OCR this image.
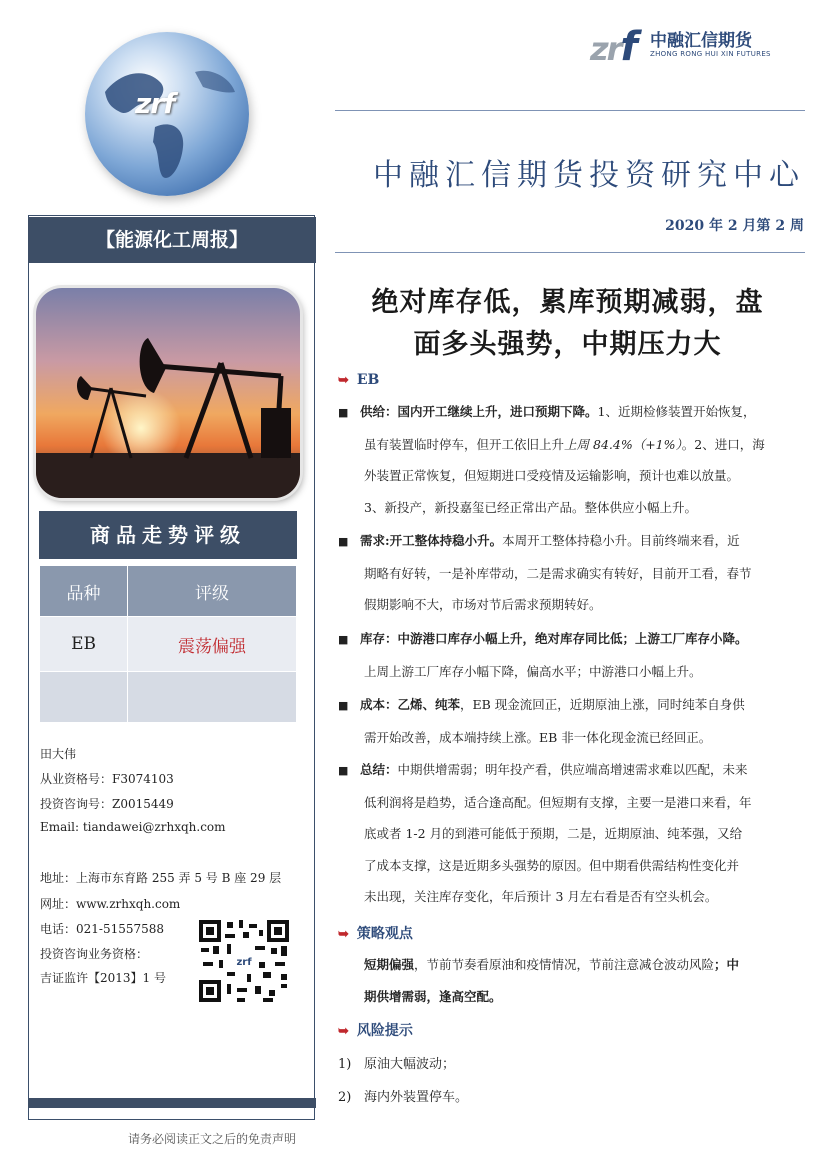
zrf
zrf 中融汇信期货
ZHONG RONG HUI XIN FUTURES
中融汇信期货投资研究中心
2020 年 2 月第 2 周
【能源化工周报】
商品走势评级
品种	评级
EB	震荡偏强

田大伟
从业资格号：F3074103
投资咨询号：Z0015449
Email: tiandawei@zrhxqh.com
地址：上海市东育路 255 弄 5 号 B 座 29 层
网址：www.zrhxqh.com
电话：021-51557588
投资咨询业务资格：
吉证监许【2013】1 号
zrf
请务必阅读正文之后的免责声明
绝对库存低，累库预期减弱，盘
面多头强势，中期压力大
➥ EB
■ 供给：国内开工继续上升，进口预期下降。1、近期检修装置开始恢复，
虽有装置临时停车，但开工依旧上升上周 84.4%（+1%）。2、进口，海
外装置正常恢复，但短期进口受疫情及运输影响，预计也难以放量。
3、新投产，新投嘉玺已经正常出产品。整体供应小幅上升。
■ 需求:开工整体持稳小升。本周开工整体持稳小升。目前终端来看，近
期略有好转，一是补库带动，二是需求确实有转好，目前开工看，春节
假期影响不大，市场对节后需求预期转好。
■ 库存：中游港口库存小幅上升，绝对库存同比低；上游工厂库存小降。
上周上游工厂库存小幅下降，偏高水平；中游港口小幅上升。
■ 成本：乙烯、纯苯，EB 现金流回正，近期原油上涨，同时纯苯自身供
需开始改善，成本端持续上涨。EB 非一体化现金流已经回正。
■ 总结：中期供增需弱；明年投产看，供应端高增速需求难以匹配，未来
低利润将是趋势，适合逢高配。但短期有支撑，主要一是港口来看，年
底或者 1-2 月的到港可能低于预期，二是，近期原油、纯苯强，又给
了成本支撑，这是近期多头强势的原因。但中期看供需结构性变化并
未出现，关注库存变化，年后预计 3 月左右看是否有空头机会。
➥ 策略观点
短期偏强，节前节奏看原油和疫情情况，节前注意减仓波动风险；中
期供增需弱，逢高空配。
➥ 风险提示
1) 原油大幅波动；
2) 海内外装置停车。
